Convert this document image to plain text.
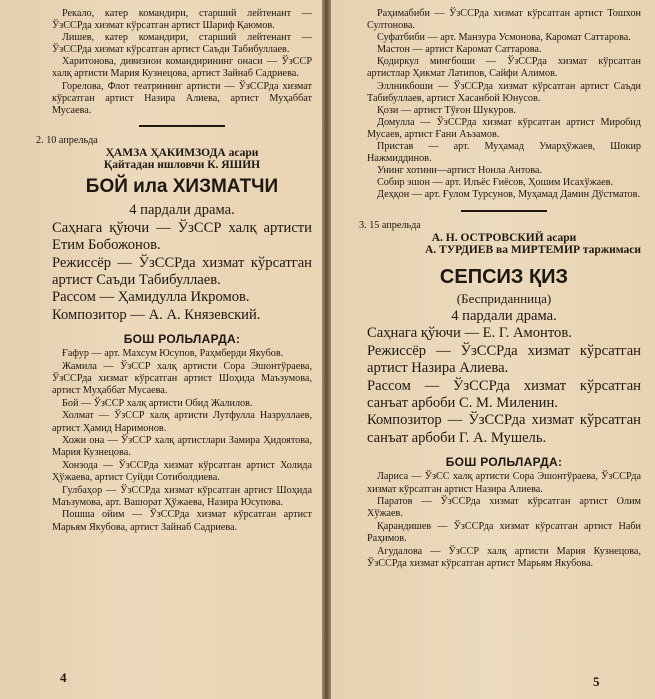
Рекало, катер командири, старший лейтенант — ЎзССРда хизмат кўрсатган артист Шариф Қаюмов.

Лишев, катер командири, старший лейтенант — ЎзССРда хизмат кўрсатган артист Саъди Табибуллаев.

Харитонова, дивизион командирининг онаси — ЎзССР халқ артисти Мария Кузнецова, артист Зайнаб Садриева.

Горелова, Флот театрининг артисти — ЎзССРда хизмат кўрсатган артист Назира Алиева, артист Муҳаббат Мусаева.

2. 10 апрельда

ҲАМЗА ҲАКИМЗОДА асари
Қайтадан ишловчи К. ЯШИН
БОЙ ила ХИЗМАТЧИ

4 пардали драма.

Саҳнага қўючи — ЎзССР халқ артисти Етим Бобожонов.

Режиссёр — ЎзССРда хизмат кўрсатган артист Саъди Табибуллаев.

Рассом — Ҳамидулла Икромов.

Композитор — А. А. Князевский.

БОШ РОЛЬЛАРДА:

Ғафур — арт. Махсум Юсупов, Раҳмберди Якубов.

Жамила — ЎзССР халқ артисти Сора Эшонтўраева, ЎзССРда хизмат кўрсатган артист Шоҳида Маъзумова, артист Муҳаббат Мусаева.

Бой — ЎзССР халқ артисти Обид Жалилов.

Холмат — ЎзССР халқ артисти Лутфулла Назруллаев, артист Ҳамид Наримонов.

Хожи она — ЎзССР халқ артистлари Замира Ҳидоятова, Мария Кузнецова.

Хонзода — ЎзССРда хизмат кўрсатган артист Холида Ҳўжаева, артист Суйди Сотиболдиева.

Гулбаҳор — ЎзССРда хизмат кўрсатган артист Шоҳида Маъзумова, арт. Вашорат Ҳўжаева, Назира Юсупова.

Пошша ойим — ЎзССРда хизмат кўрсатган артист Марьям Якубова, артист Зайнаб Садриева.

4

Раҳимабиби — ЎзССРда хизмат кўрсатган артист Тошхон Султонова.

Суфатбиби — арт. Манзура Усмонова, Каромат Саттарова.

Мастон — артист Каромат Саттарова.

Қодиркул мингбоши — ЎзССРда хизмат кўрсатган артистлар Ҳикмат Латипов, Сайфи Алимов.

Эллникбоши — ЎзССРда хизмат кўрсатган артист Саъди Табибуллаев, артист Хасанбой Юнусов.

Қози — артист Тўғон Шукуров.

Домулла — ЎзССРда хизмат кўрсатган артист Миробид Мусаев, артист Ғани Аъзамов.

Пристав — арт. Муҳамад Умарҳўжаев, Шокир Нажмиддинов.

Унинг хотини—артист Нонла Антова.

Собир эшон — арт. Илъёс Ғиёсов, Ҳошим Исахўжаев.

Деҳқон — арт. Ғулом Турсунов, Муҳамад Дамин Дўстматов.

3. 15 апрельда

А. Н. ОСТРОВСКИЙ асари
А. ТУРДИЕВ ва МИРТЕМИР таржимаси
СЕПСИЗ ҚИЗ
(Бесприданница)

4 пардали драма.

Саҳнага қўючи — Е. Г. Амонтов.

Режиссёр — ЎзССРда хизмат кўрсатган артист Назира Алиева.

Рассом — ЎзССРда хизмат кўрсатган санъат арбоби С. М. Миленин.

Композитор — ЎзССРда хизмат кўрсатган санъат арбоби Г. А. Мушель.

БОШ РОЛЬЛАРДА:

Лариса — ЎзСС халқ артисти Сора Эшонтўраева, ЎзССРда хизмат кўрсатган артист Назира Алиева.

Паратов — ЎзССРда хизмат кўрсатган артист Олим Хўжаев.

Қарандишев — ЎзССРда хизмат кўрсатган артист Наби Раҳимов.

Агудалова — ЎзССР халқ артисти Мария Кузнецова, ЎзССРда хизмат кўрсатган артист Марьям Якубова.

5
